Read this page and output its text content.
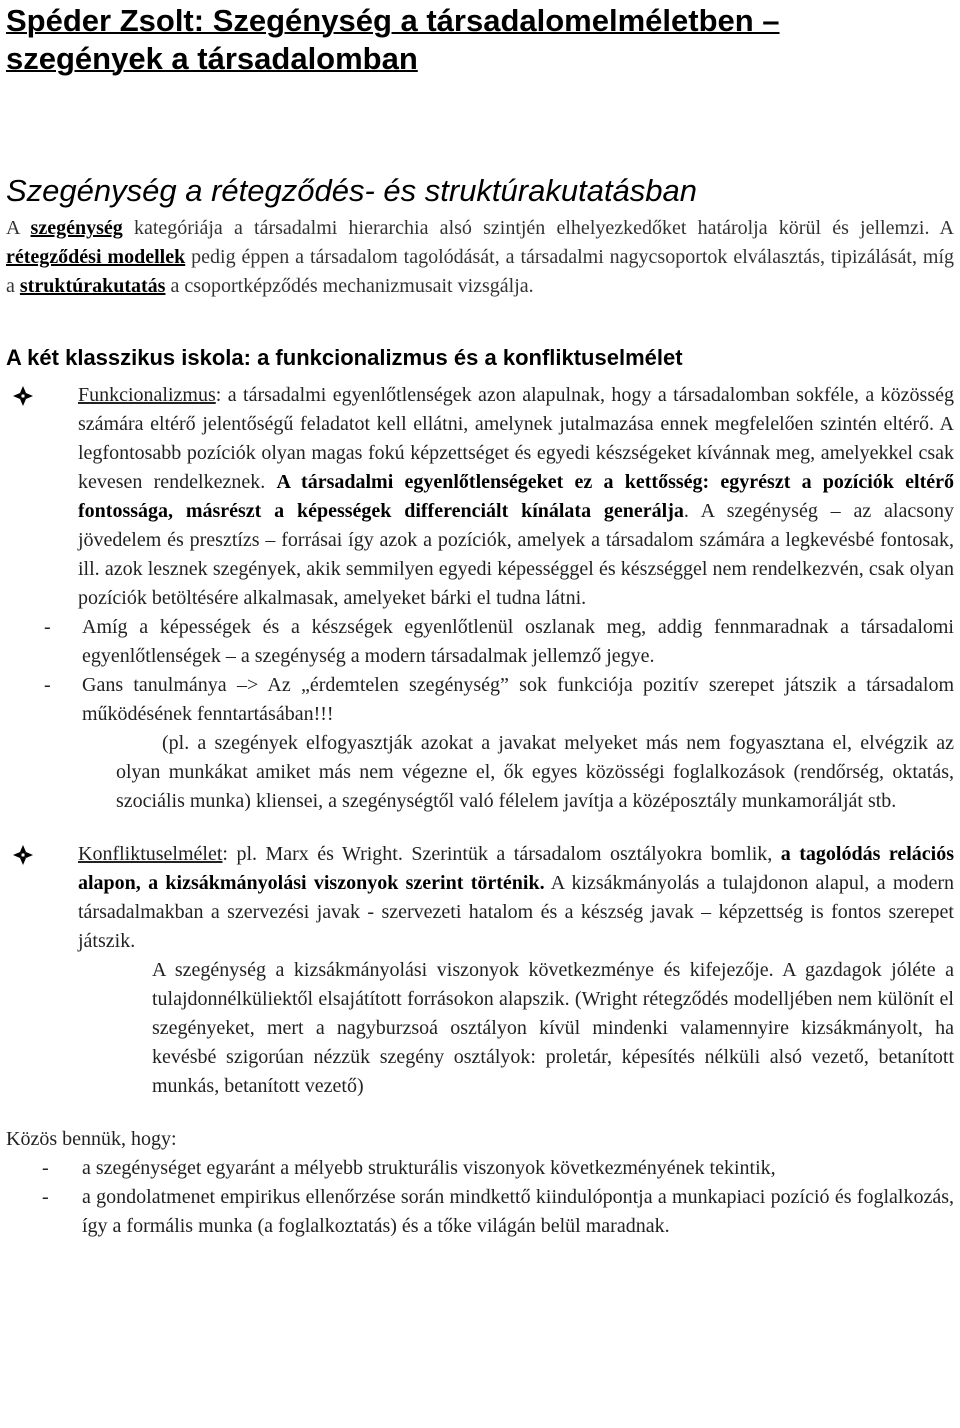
Spéder Zsolt: Szegénység a társadalomelméletben –
szegények a társadalomban
Szegénység a rétegződés- és struktúrakutatásban

A szegénység kategóriája a társadalmi hierarchia alsó szintjén elhelyezkedőket határolja körül és jellemzi. A rétegződési modellek pedig éppen a társadalom tagolódását, a társadalmi nagycsoportok elválasztás, tipizálását, míg a struktúrakutatás a csoportképződés mechanizmusait vizsgálja.

A két klasszikus iskola: a funkcionalizmus és a konfliktuselmélet

Funkcionalizmus: a társadalmi egyenlőtlenségek azon alapulnak, hogy a társadalomban sokféle, a közösség számára eltérő jelentőségű feladatot kell ellátni, amelynek jutalmazása ennek megfelelően szintén eltérő. A legfontosabb pozíciók olyan magas fokú képzettséget és egyedi készségeket kívánnak meg, amelyekkel csak kevesen rendelkeznek. A társadalmi egyenlőtlenségeket ez a kettősség: egyrészt a pozíciók eltérő fontossága, másrészt a képességek differenciált kínálata generálja. A szegénység – az alacsony jövedelem és presztízs – forrásai így azok a pozíciók, amelyek a társadalom számára a legkevésbé fontosak, ill. azok lesznek szegények, akik semmilyen egyedi képességgel és készséggel nem rendelkezvén, csak olyan pozíciók betöltésére alkalmasak, amelyeket bárki el tudna látni.

- Amíg a képességek és a készségek egyenlőtlenül oszlanak meg, addig fennmaradnak a társadalomi egyenlőtlenségek – a szegénység a modern társadalmak jellemző jegye.
- Gans tanulmánya –> Az „érdemtelen szegénység” sok funkciója pozitív szerepet játszik a társadalom működésének fenntartásában!!!

(pl. a szegények elfogyasztják azokat a javakat melyeket más nem fogyasztana el, elvégzik az olyan munkákat amiket más nem végezne el, ők egyes közösségi foglalkozások (rendőrség, oktatás, szociális munka) kliensei, a szegénységtől való félelem javítja a középosztály munkamorálját stb.

Konfliktuselmélet: pl. Marx és Wright. Szerintük a társadalom osztályokra bomlik, a tagolódás relációs alapon, a kizsákmányolási viszonyok szerint történik. A kizsákmányolás a tulajdonon alapul, a modern társadalmakban a szervezési javak - szervezeti hatalom és a készség javak – képzettség is fontos szerepet játszik.

A szegénység a kizsákmányolási viszonyok következménye és kifejezője. A gazdagok jóléte a tulajdonnélküliektől elsajátított forrásokon alapszik. (Wright rétegződés modelljében nem különít el szegényeket, mert a nagyburzsoá osztályon kívül mindenki valamennyire kizsákmányolt, ha kevésbé szigorúan nézzük szegény osztályok: proletár, képesítés nélküli alsó vezető, betanított munkás, betanított vezető)

Közös bennük, hogy:

- a szegénységet egyaránt a mélyebb strukturális viszonyok következményének tekintik,
- a gondolatmenet empirikus ellenőrzése során mindkettő kiindulópontja a munkapiaci pozíció és foglalkozás, így a formális munka (a foglalkoztatás) és a tőke világán belül maradnak.
